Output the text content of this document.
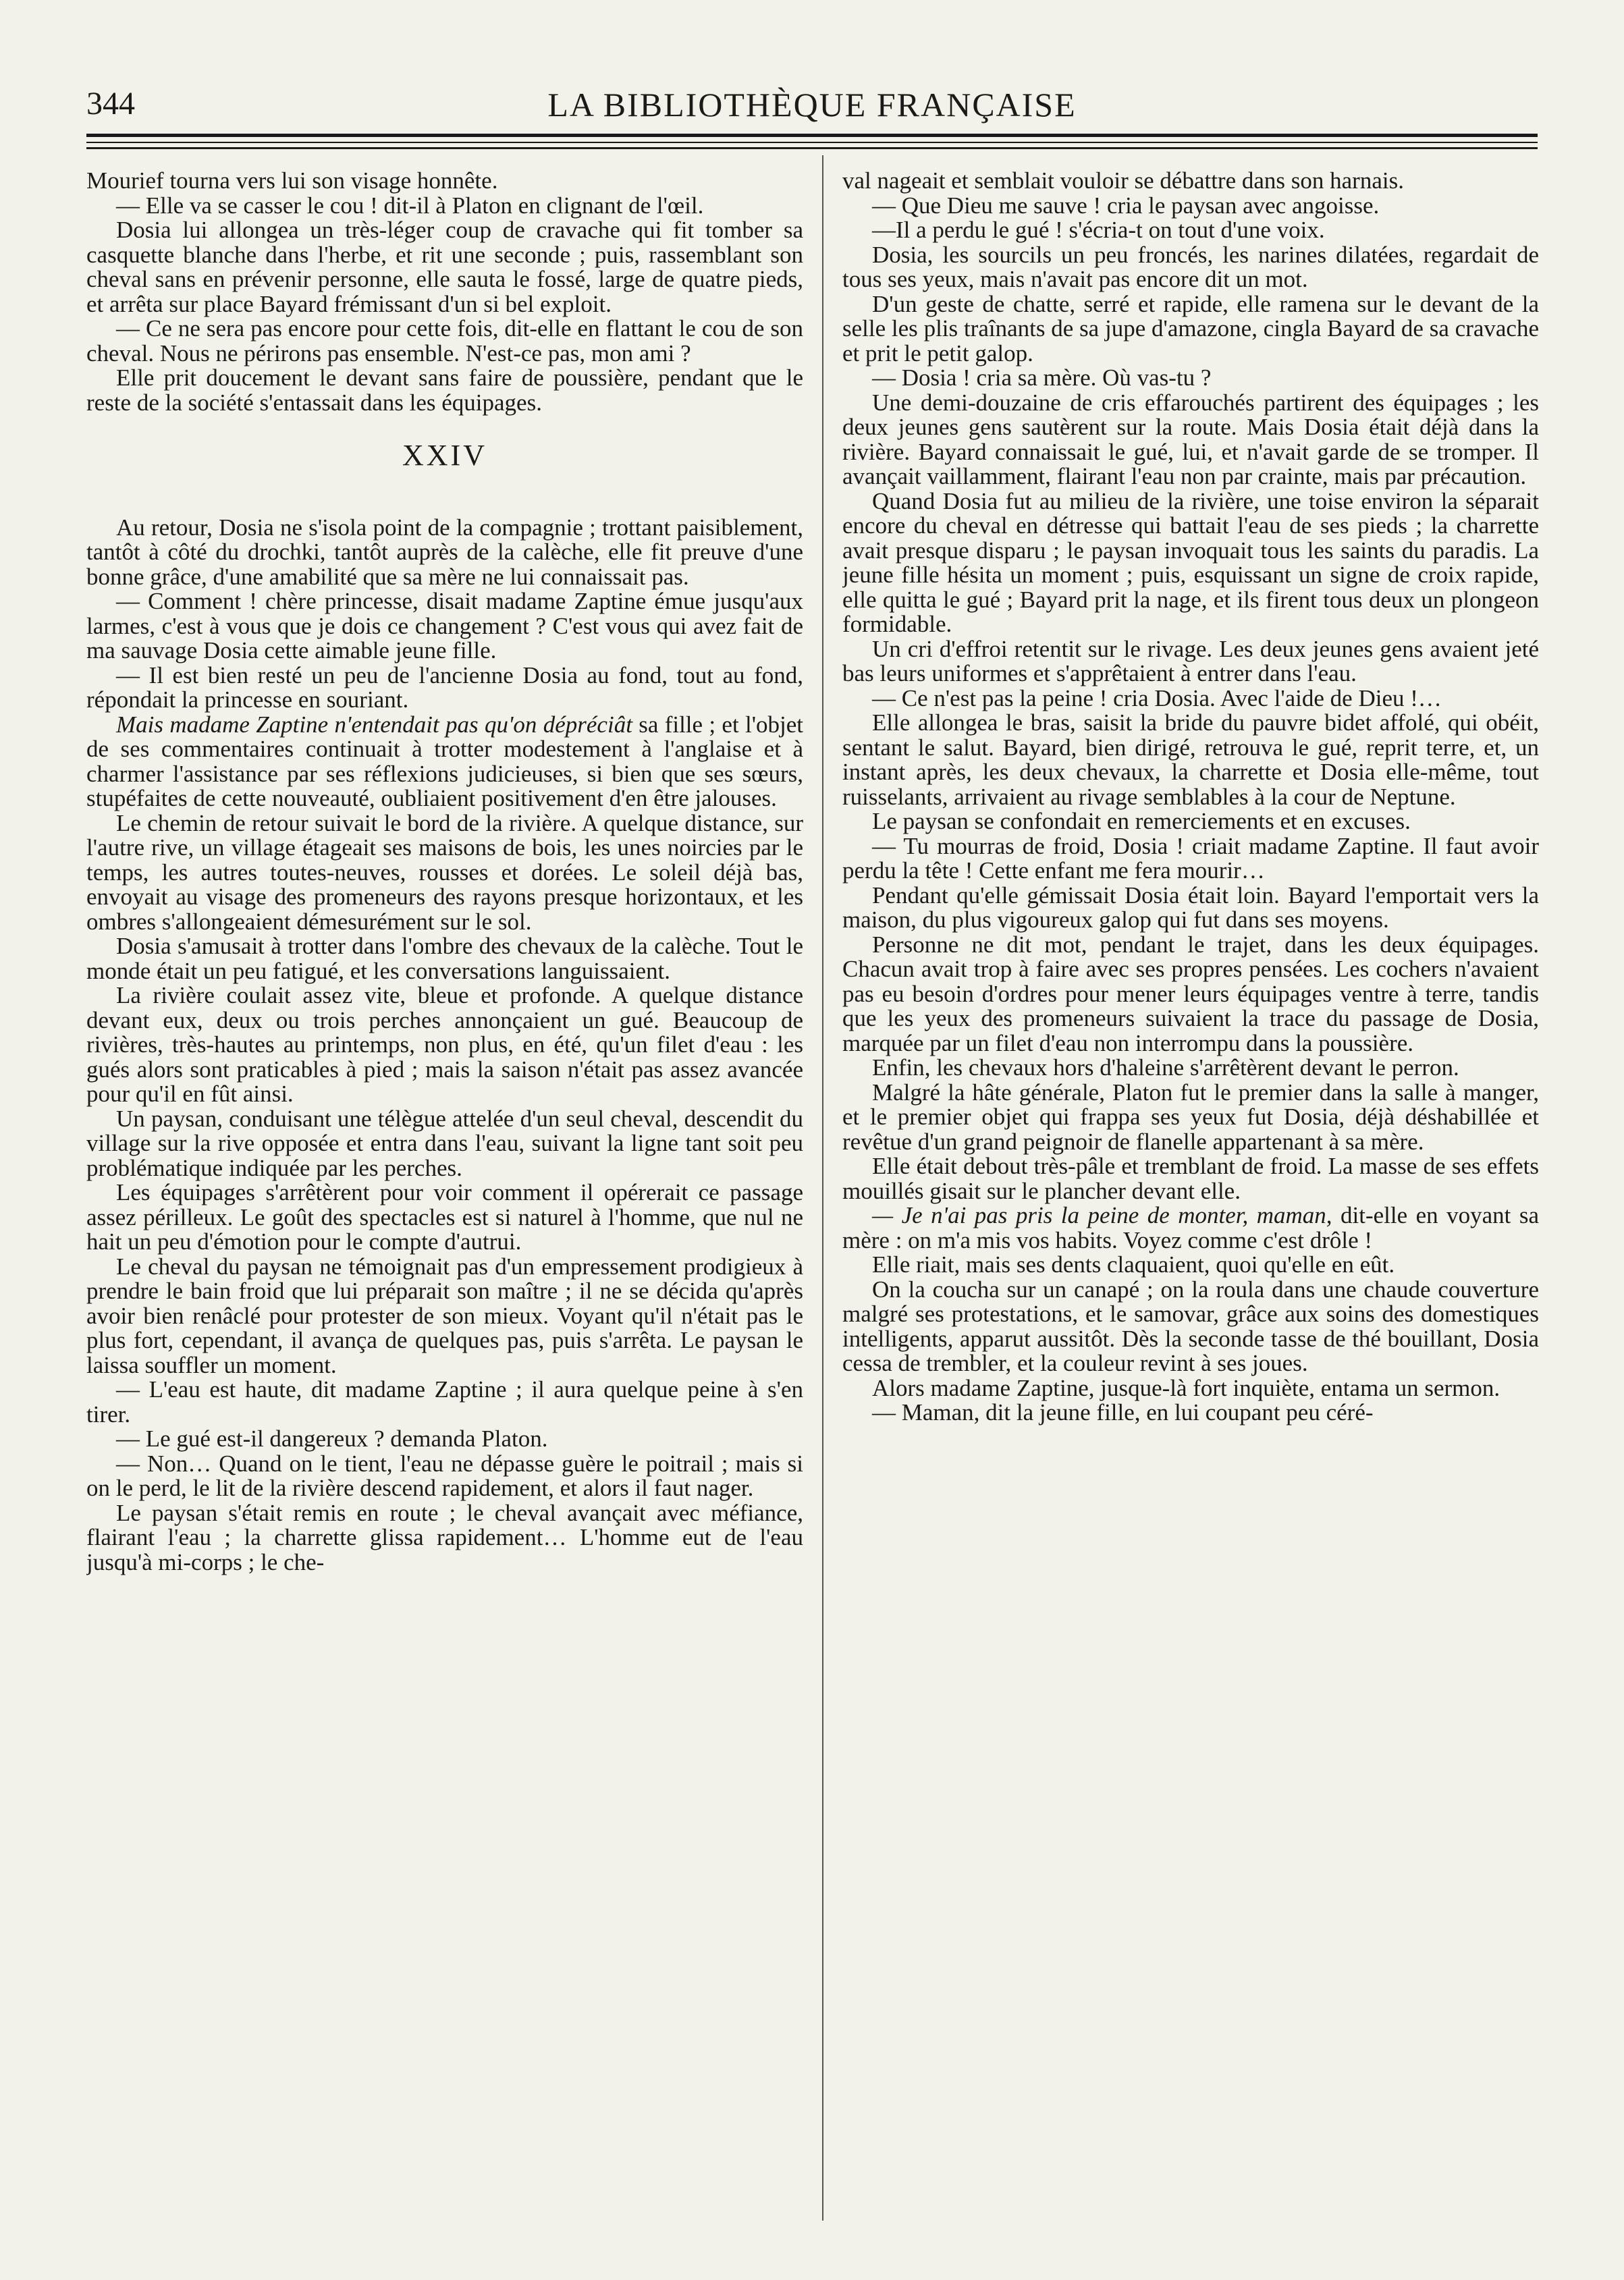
344	LA BIBLIOTHÈQUE FRANÇAISE

Mourief tourna vers lui son visage honnête.

— Elle va se casser le cou ! dit-il à Platon en clignant de l'œil.

Dosia lui allongea un très-léger coup de cravache qui fit tomber sa casquette blanche dans l'herbe, et rit une seconde ; puis, rassemblant son cheval sans en prévenir personne, elle sauta le fossé, large de quatre pieds, et arrêta sur place Bayard frémissant d'un si bel exploit.

— Ce ne sera pas encore pour cette fois, dit-elle en flattant le cou de son cheval. Nous ne périrons pas ensemble. N'est-ce pas, mon ami ?

Elle prit doucement le devant sans faire de poussière, pendant que le reste de la société s'entassait dans les équipages.

XXIV

Au retour, Dosia ne s'isola point de la compagnie ; trottant paisiblement, tantôt à côté du drochki, tantôt auprès de la calèche, elle fit preuve d'une bonne grâce, d'une amabilité que sa mère ne lui connaissait pas.

— Comment ! chère princesse, disait madame Zaptine émue jusqu'aux larmes, c'est à vous que je dois ce changement ? C'est vous qui avez fait de ma sauvage Dosia cette aimable jeune fille.

— Il est bien resté un peu de l'ancienne Dosia au fond, tout au fond, répondait la princesse en souriant.

Mais madame Zaptine n'entendait pas qu'on dépréciât sa fille ; et l'objet de ses commentaires continuait à trotter modestement à l'anglaise et à charmer l'assistance par ses réflexions judicieuses, si bien que ses sœurs, stupéfaites de cette nouveauté, oubliaient positivement d'en être jalouses.

Le chemin de retour suivait le bord de la rivière. A quelque distance, sur l'autre rive, un village étageait ses maisons de bois, les unes noircies par le temps, les autres toutes-neuves, rousses et dorées. Le soleil déjà bas, envoyait au visage des promeneurs des rayons presque horizontaux, et les ombres s'allongeaient démesurément sur le sol.

Dosia s'amusait à trotter dans l'ombre des chevaux de la calèche. Tout le monde était un peu fatigué, et les conversations languissaient.

La rivière coulait assez vite, bleue et profonde. A quelque distance devant eux, deux ou trois perches annonçaient un gué. Beaucoup de rivières, très-hautes au printemps, non plus, en été, qu'un filet d'eau : les gués alors sont praticables à pied ; mais la saison n'était pas assez avancée pour qu'il en fût ainsi.

Un paysan, conduisant une télègue attelée d'un seul cheval, descendit du village sur la rive opposée et entra dans l'eau, suivant la ligne tant soit peu problématique indiquée par les perches.

Les équipages s'arrêtèrent pour voir comment il opérerait ce passage assez périlleux. Le goût des spectacles est si naturel à l'homme, que nul ne hait un peu d'émotion pour le compte d'autrui.

Le cheval du paysan ne témoignait pas d'un empressement prodigieux à prendre le bain froid que lui préparait son maître ; il ne se décida qu'après avoir bien renâclé pour protester de son mieux. Voyant qu'il n'était pas le plus fort, cependant, il avança de quelques pas, puis s'arrêta. Le paysan le laissa souffler un moment.

— L'eau est haute, dit madame Zaptine ; il aura quelque peine à s'en tirer.

— Le gué est-il dangereux ? demanda Platon.

— Non… Quand on le tient, l'eau ne dépasse guère le poitrail ; mais si on le perd, le lit de la rivière descend rapidement, et alors il faut nager.

Le paysan s'était remis en route ; le cheval avançait avec méfiance, flairant l'eau ; la charrette glissa rapidement… L'homme eut de l'eau jusqu'à mi-corps ; le che-

val nageait et semblait vouloir se débattre dans son harnais.

— Que Dieu me sauve ! cria le paysan avec angoisse.

—Il a perdu le gué ! s'écria-t on tout d'une voix.

Dosia, les sourcils un peu froncés, les narines dilatées, regardait de tous ses yeux, mais n'avait pas encore dit un mot.

D'un geste de chatte, serré et rapide, elle ramena sur le devant de la selle les plis traînants de sa jupe d'amazone, cingla Bayard de sa cravache et prit le petit galop.

— Dosia ! cria sa mère. Où vas-tu ?

Une demi-douzaine de cris effarouchés partirent des équipages ; les deux jeunes gens sautèrent sur la route. Mais Dosia était déjà dans la rivière. Bayard connaissait le gué, lui, et n'avait garde de se tromper. Il avançait vaillamment, flairant l'eau non par crainte, mais par précaution.

Quand Dosia fut au milieu de la rivière, une toise environ la séparait encore du cheval en détresse qui battait l'eau de ses pieds ; la charrette avait presque disparu ; le paysan invoquait tous les saints du paradis. La jeune fille hésita un moment ; puis, esquissant un signe de croix rapide, elle quitta le gué ; Bayard prit la nage, et ils firent tous deux un plongeon formidable.

Un cri d'effroi retentit sur le rivage. Les deux jeunes gens avaient jeté bas leurs uniformes et s'apprêtaient à entrer dans l'eau.

— Ce n'est pas la peine ! cria Dosia. Avec l'aide de Dieu !…

Elle allongea le bras, saisit la bride du pauvre bidet affolé, qui obéit, sentant le salut. Bayard, bien dirigé, retrouva le gué, reprit terre, et, un instant après, les deux chevaux, la charrette et Dosia elle-même, tout ruisselants, arrivaient au rivage semblables à la cour de Neptune.

Le paysan se confondait en remerciements et en excuses.

— Tu mourras de froid, Dosia ! criait madame Zaptine. Il faut avoir perdu la tête ! Cette enfant me fera mourir…

Pendant qu'elle gémissait Dosia était loin. Bayard l'emportait vers la maison, du plus vigoureux galop qui fut dans ses moyens.

Personne ne dit mot, pendant le trajet, dans les deux équipages. Chacun avait trop à faire avec ses propres pensées. Les cochers n'avaient pas eu besoin d'ordres pour mener leurs équipages ventre à terre, tandis que les yeux des promeneurs suivaient la trace du passage de Dosia, marquée par un filet d'eau non interrompu dans la poussière.

Enfin, les chevaux hors d'haleine s'arrêtèrent devant le perron.

Malgré la hâte générale, Platon fut le premier dans la salle à manger, et le premier objet qui frappa ses yeux fut Dosia, déjà déshabillée et revêtue d'un grand peignoir de flanelle appartenant à sa mère.

Elle était debout très-pâle et tremblant de froid. La masse de ses effets mouillés gisait sur le plancher devant elle.

— Je n'ai pas pris la peine de monter, maman, dit-elle en voyant sa mère : on m'a mis vos habits. Voyez comme c'est drôle !

Elle riait, mais ses dents claquaient, quoi qu'elle en eût.

On la coucha sur un canapé ; on la roula dans une chaude couverture malgré ses protestations, et le samovar, grâce aux soins des domestiques intelligents, apparut aussitôt. Dès la seconde tasse de thé bouillant, Dosia cessa de trembler, et la couleur revint à ses joues.

Alors madame Zaptine, jusque-là fort inquiète, entama un sermon.

— Maman, dit la jeune fille, en lui coupant peu céré-
